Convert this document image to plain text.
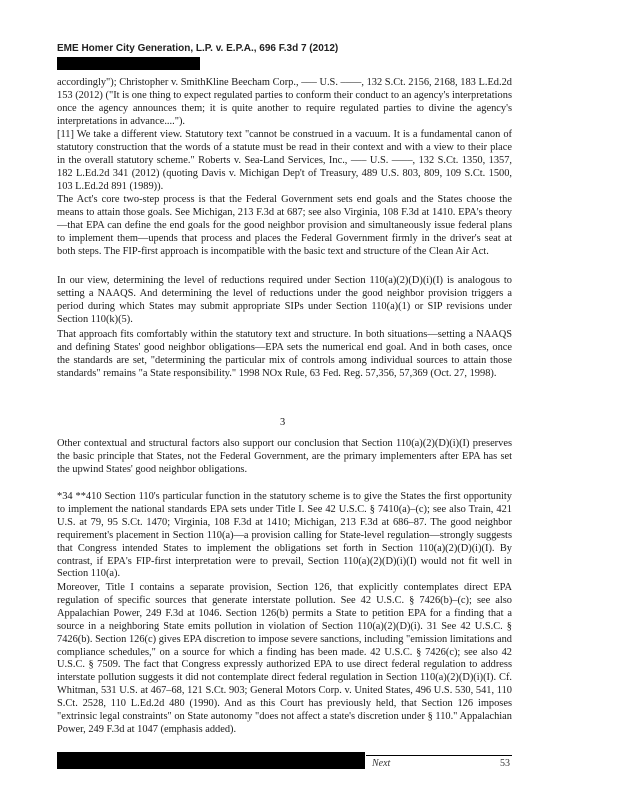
EME Homer City Generation, L.P. v. E.P.A., 696 F.3d 7 (2012)
accordingly"); Christopher v. SmithKline Beecham Corp., ––– U.S. ––––, 132 S.Ct. 2156, 2168, 183 L.Ed.2d 153 (2012) ("It is one thing to expect regulated parties to conform their conduct to an agency's interpretations once the agency announces them; it is quite another to require regulated parties to divine the agency's interpretations in advance....").
[11] We take a different view. Statutory text "cannot be construed in a vacuum. It is a fundamental canon of statutory construction that the words of a statute must be read in their context and with a view to their place in the overall statutory scheme." Roberts v. Sea-Land Services, Inc., ––– U.S. ––––, 132 S.Ct. 1350, 1357, 182 L.Ed.2d 341 (2012) (quoting Davis v. Michigan Dep't of Treasury, 489 U.S. 803, 809, 109 S.Ct. 1500, 103 L.Ed.2d 891 (1989)).
The Act's core two-step process is that the Federal Government sets end goals and the States choose the means to attain those goals. See Michigan, 213 F.3d at 687; see also Virginia, 108 F.3d at 1410. EPA's theory—that EPA can define the end goals for the good neighbor provision and simultaneously issue federal plans to implement them—upends that process and places the Federal Government firmly in the driver's seat at both steps. The FIP-first approach is incompatible with the basic text and structure of the Clean Air Act.
In our view, determining the level of reductions required under Section 110(a)(2)(D)(i)(I) is analogous to setting a NAAQS. And determining the level of reductions under the good neighbor provision triggers a period during which States may submit appropriate SIPs under Section 110(a)(1) or SIP revisions under Section 110(k)(5).
That approach fits comfortably within the statutory text and structure. In both situations—setting a NAAQS and defining States' good neighbor obligations—EPA sets the numerical end goal. And in both cases, once the standards are set, "determining the particular mix of controls among individual sources to attain those standards" remains "a State responsibility." 1998 NOx Rule, 63 Fed. Reg. 57,356, 57,369 (Oct. 27, 1998).
3
Other contextual and structural factors also support our conclusion that Section 110(a)(2)(D)(i)(I) preserves the basic principle that States, not the Federal Government, are the primary implementers after EPA has set the upwind States' good neighbor obligations.
*34 **410 Section 110's particular function in the statutory scheme is to give the States the first opportunity to implement the national standards EPA sets under Title I. See 42 U.S.C. § 7410(a)–(c); see also Train, 421 U.S. at 79, 95 S.Ct. 1470; Virginia, 108 F.3d at 1410; Michigan, 213 F.3d at 686–87. The good neighbor requirement's placement in Section 110(a)—a provision calling for State-level regulation—strongly suggests that Congress intended States to implement the obligations set forth in Section 110(a)(2)(D)(i)(I). By contrast, if EPA's FIP-first interpretation were to prevail, Section 110(a)(2)(D)(i)(I) would not fit well in Section 110(a).
Moreover, Title I contains a separate provision, Section 126, that explicitly contemplates direct EPA regulation of specific sources that generate interstate pollution. See 42 U.S.C. § 7426(b)–(c); see also Appalachian Power, 249 F.3d at 1046. Section 126(b) permits a State to petition EPA for a finding that a source in a neighboring State emits pollution in violation of Section 110(a)(2)(D)(i). 31 See 42 U.S.C. § 7426(b). Section 126(c) gives EPA discretion to impose severe sanctions, including "emission limitations and compliance schedules," on a source for which a finding has been made. 42 U.S.C. § 7426(c); see also 42 U.S.C. § 7509. The fact that Congress expressly authorized EPA to use direct federal regulation to address interstate pollution suggests it did not contemplate direct federal regulation in Section 110(a)(2)(D)(i)(I). Cf. Whitman, 531 U.S. at 467–68, 121 S.Ct. 903; General Motors Corp. v. United States, 496 U.S. 530, 541, 110 S.Ct. 2528, 110 L.Ed.2d 480 (1990). And as this Court has previously held, that Section 126 imposes "extrinsic legal constraints" on State autonomy "does not affect a state's discretion under § 110." Appalachian Power, 249 F.3d at 1047 (emphasis added).
Next	53
